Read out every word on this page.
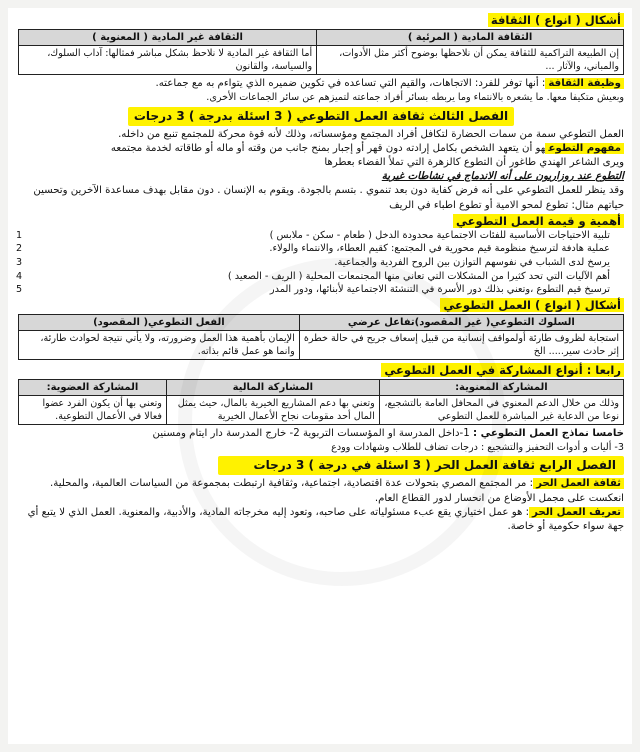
أشكال ( انواع ) الثقافة

الثقافة المادية ( المرئية )	الثقافة غير المادية ( المعنوية )
إن الطبيعة التراكمية للثقافة يمكن أن نلاحظها بوضوح أكثر مثل الأدوات، والمباني، والآثار ...	أما الثقافة غير المادية لا نلاحظ بشكل مباشر فمثالها: آداب السلوك، والسياسة، والقانون

وظيفة الثقافة: أنها توفر للفرد: الاتجاهات، والقيم التي تساعده في تكوين ضميره الذي يتواءم به مع جماعته.

وبعيش متكيفا معها. ما يشعره بالانتماء وما يربطه بسائر أفراد جماعته لتميزهم عن سائر الجماعات الأخرى.

الفصل الثالث ثقافة العمل التطوعي ( 3 اسئلة بدرجة ) 3 درجات

العمل التطوعي سمة من سمات الحضارة لتكافل أفراد المجتمع ومؤسساته، وذلك لأنه قوة محركة للمجتمع تنبع من داخله.

مفهوم التطوعهو أن يتعهد الشخص بكامل إرادته دون قهر أو إجبار بمنح جانب من وقته أو ماله أو طاقاته لخدمة مجتمعه

ويرى الشاعر الهندي طاغور أن التطوع كالزهرة التي تملأ الفضاء بعطرها

التطوع عند روزاريون على أنه الاندماج في نشاطات غيرية

وقد ينظر للعمل التطوعي على أنه فرض كفاية دون بعد تنموي . بتسم بالجودة. ويقوم به الإنسان . دون مقابل بهدف مساعدة الآخرين وتحسين حياتهم مثال: تطوع لمحو الامية أو تطوع اطباء في الريف

أهمية و قيمة العمل التطوعي

1	تلبية الاحتياجات الأساسية للفئات الاجتماعية محدودة الدخل ( طعام - سكن - ملابس )
2	عملية هادفة لترسيخ منظومة قيم محورية في المجتمع: كقيم العطاء، والانتماء والولاء.
3	يرسخ لدى الشباب في نفوسهم التوازن بين الروح الفردية والجماعية.
4	أهم الآليات التي تحد كثيرا من المشكلات التي تعاني منها المجتمعات المحلية ( الريف - الصعيد )
5	ترسيخ قيم التطوع ،وتعني بذلك دور الأسرة في التنشئة الاجتماعية لأبنائها، ودور المدر

أشكال ( انواع ) العمل التطوعي

السلوك التطوعي( غير المقصود)تفاعل عرضي	الفعل التطوعي( المقصود)
استجابة لظروف طارئة أولمواقف إنسانية من قبيل إسعاف جريح في حالة خطرة إثر حادث سير..... الخ	الإيمان بأهمية هذا العمل وضرورته، ولا يأتي نتيجة لحوادث طارئة، وانما هو عمل قائم بذاته.

رابعا : أنواع المشاركة في العمل التطوعي

المشاركة المعنوية:	المشاركة المالية	المشاركة العضوية:
وذلك من خلال الدعم المعنوي في المحافل العامة بالتشجيع، نوعا من الدعاية غير المباشرة للعمل التطوعي	وتعني بها دعم المشاريع الخيرية بالمال، حيث يمثل المال أحد مقومات نجاح الأعمال الخيرية	وتعني بها أن يكون الفرد عضوا فعالا في الأعمال التطوعية.

خامسا نماذج العمل التطوعي : 1-داخل المدرسة او المؤسسات التربوية 2- خارج المدرسة دار ايتام ومسنين

3- أليات و أدوات التحفيز والتشجيع : درجات تضاف للطلاب وشهادات وودع

الفصل الرابع ثقافة العمل الحر ( 3 اسئلة في درجة ) 3 درجات

ثقافة العمل الحر: مر المجتمع المصري بتحولات عدة اقتصادية، اجتماعية، وثقافية ارتبطت بمجموعة من السياسات العالمية، والمحلية. انعكست على مجمل الأوضاع من انحسار لدور القطاع العام.

تعريف العمل الحر: هو عمل اختياري يقع عبء مسئولياته على صاحبه، وتعود إليه مخرجاته المادية، والأدبية، والمعنوية. العمل الذي لا يتبع أي جهة سواء حكومية أو خاصة.
